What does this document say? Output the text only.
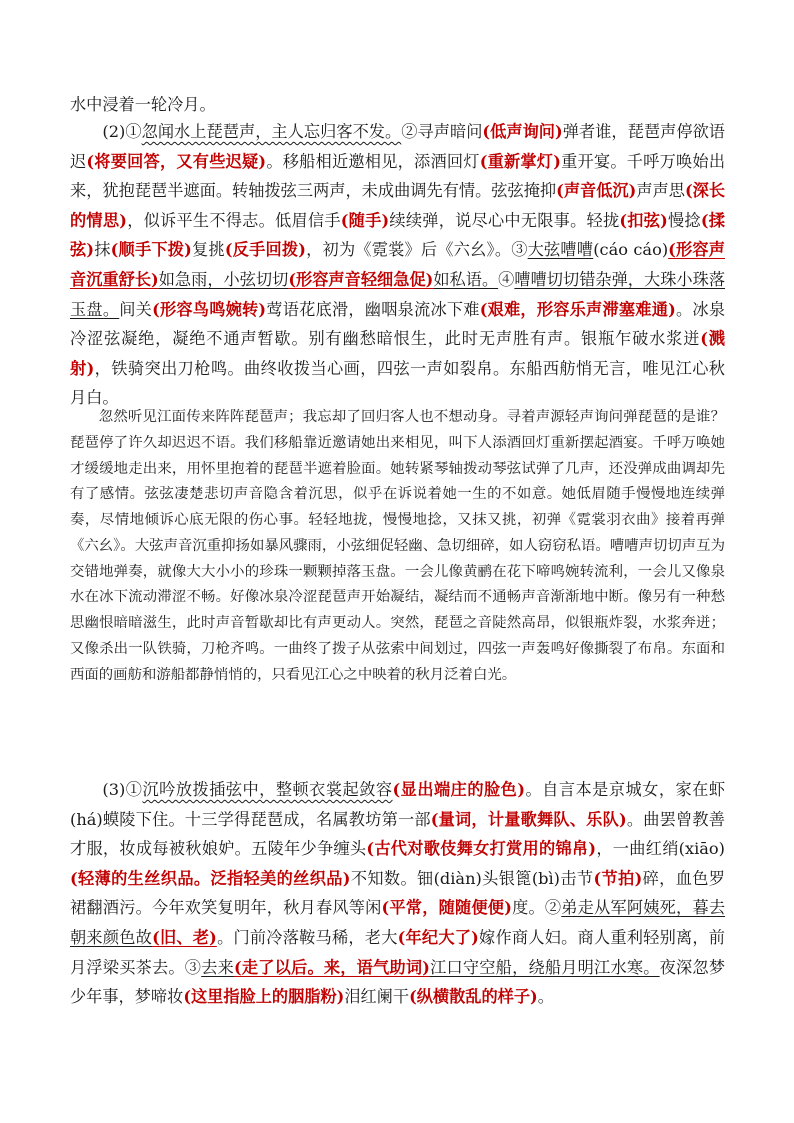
水中浸着一轮冷月。

(2)①忽闻水上琵琶声，主人忘归客不发。②寻声暗问(低声询问)弹者谁，琵琶声停欲语迟(将要回答，又有些迟疑)。移船相近邀相见，添酒回灯(重新掌灯)重开宴。千呼万唤始出来，犹抱琵琶半遮面。转轴拨弦三两声，未成曲调先有情。弦弦掩抑(声音低沉)声声思(深长的情思)，似诉平生不得志。低眉信手(随手)续续弹，说尽心中无限事。轻拢(扣弦)慢捻(揉弦)抹(顺手下拨)复挑(反手回拨)，初为《霓裳》后《六幺》。③大弦嘈嘈(cáo cáo)(形容声音沉重舒长)如急雨，小弦切切(形容声音轻细急促)如私语。④嘈嘈切切错杂弹，大珠小珠落玉盘。间关(形容鸟鸣婉转)莺语花底滑，幽咽泉流冰下难(艰难，形容乐声滞塞难通)。冰泉冷涩弦凝绝，凝绝不通声暂歇。别有幽愁暗恨生，此时无声胜有声。银瓶乍破水浆迸(溅射)，铁骑突出刀枪鸣。曲终收拨当心画，四弦一声如裂帛。东船西舫悄无言，唯见江心秋月白。

忽然听见江面传来阵阵琵琶声；我忘却了回归客人也不想动身。寻着声源轻声询问弹琵琶的是谁？琵琶停了许久却迟迟不语。我们移船靠近邀请她出来相见，叫下人添酒回灯重新摆起酒宴。千呼万唤她才缓缓地走出来，用怀里抱着的琵琶半遮着脸面。她转紧琴轴拨动琴弦试弹了几声，还没弹成曲调却先有了感情。弦弦凄楚悲切声音隐含着沉思，似乎在诉说着她一生的不如意。她低眉随手慢慢地连续弹奏，尽情地倾诉心底无限的伤心事。轻轻地拢，慢慢地捻，又抹又挑，初弹《霓裳羽衣曲》接着再弹《六幺》。大弦声音沉重抑扬如暴风骤雨，小弦细促轻幽、急切细碎，如人窃窃私语。嘈嘈声切切声互为交错地弹奏，就像大大小小的珍珠一颗颗掉落玉盘。一会儿像黄鹂在花下啼鸣婉转流利，一会儿又像泉水在冰下流动滞涩不畅。好像冰泉冷涩琵琶声开始凝结，凝结而不通畅声音渐渐地中断。像另有一种愁思幽恨暗暗滋生，此时声音暂歇却比有声更动人。突然，琵琶之音陡然高昂，似银瓶炸裂，水浆奔迸；又像杀出一队铁骑，刀枪齐鸣。一曲终了拨子从弦索中间划过，四弦一声轰鸣好像撕裂了布帛。东面和西面的画舫和游船都静悄悄的，只看见江心之中映着的秋月泛着白光。

(3)①沉吟放拨插弦中，整顿衣裳起敛容(显出端庄的脸色)。自言本是京城女，家在虾(há)蟆陵下住。十三学得琵琶成，名属教坊第一部(量词，计量歌舞队、乐队)。曲罢曾教善才服，妆成每被秋娘妒。五陵年少争缠头(古代对歌伎舞女打赏用的锦帛)，一曲红绡(xiāo)(轻薄的生丝织品。泛指轻美的丝织品)不知数。钿(diàn)头银篦(bì)击节(节拍)碎，血色罗裙翻酒污。今年欢笑复明年，秋月春风等闲(平常，随随便便)度。②弟走从军阿姨死，暮去朝来颜色故(旧、老)。门前冷落鞍马稀，老大(年纪大了)嫁作商人妇。商人重利轻别离，前月浮梁买茶去。③去来(走了以后。来，语气助词)江口守空船，绕船月明江水寒。夜深忽梦少年事，梦啼妆(这里指脸上的胭脂粉)泪红阑干(纵横散乱的样子)。
